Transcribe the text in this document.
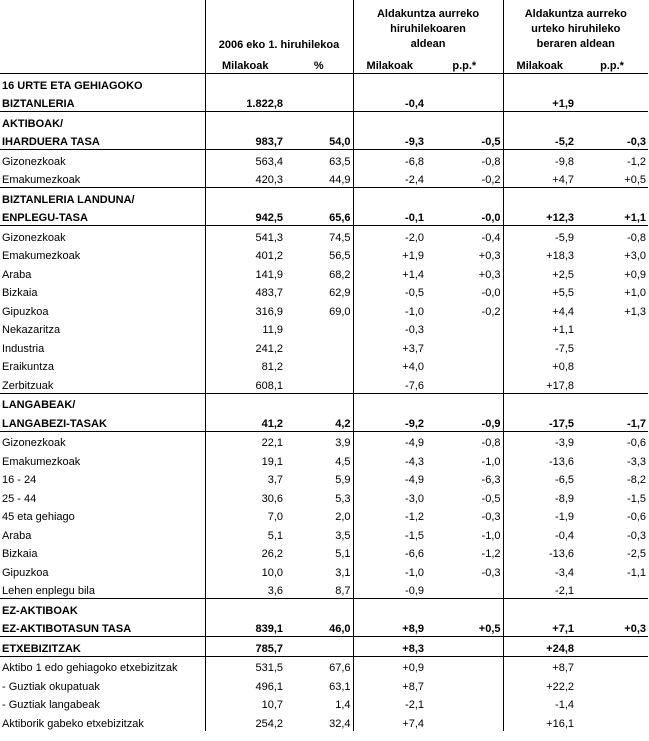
	2006 eko 1. hiruhilekoa		Aldakuntza aurreko hiruhilekoaren aldean		Aldakuntza aurreko urteko hiruhileko beraren aldean	
	Milakoak	%	Milakoak	p.p.*	Milakoak	p.p.*
16 URTE ETA GEHIAGOKO						
BIZTANLERIA	1.822,8		-0,4		+1,9	
AKTIBOAK/						
IHARDUERA TASA	983,7	54,0	-9,3	-0,5	-5,2	-0,3
Gizonezkoak	563,4	63,5	-6,8	-0,8	-9,8	-1,2
Emakumezkoak	420,3	44,9	-2,4	-0,2	+4,7	+0,5
BIZTANLERIA LANDUNA/						
ENPLEGU-TASA	942,5	65,6	-0,1	-0,0	+12,3	+1,1
Gizonezkoak	541,3	74,5	-2,0	-0,4	-5,9	-0,8
Emakumezkoak	401,2	56,5	+1,9	+0,3	+18,3	+3,0
Araba	141,9	68,2	+1,4	+0,3	+2,5	+0,9
Bizkaia	483,7	62,9	-0,5	-0,0	+5,5	+1,0
Gipuzkoa	316,9	69,0	-1,0	-0,2	+4,4	+1,3
Nekazaritza	11,9		-0,3		+1,1	
Industria	241,2		+3,7		-7,5	
Eraikuntza	81,2		+4,0		+0,8	
Zerbitzuak	608,1		-7,6		+17,8	
LANGABEAK/						
LANGABEZI-TASAK	41,2	4,2	-9,2	-0,9	-17,5	-1,7
Gizonezkoak	22,1	3,9	-4,9	-0,8	-3,9	-0,6
Emakumezkoak	19,1	4,5	-4,3	-1,0	-13,6	-3,3
16 - 24	3,7	5,9	-4,9	-6,3	-6,5	-8,2
25 - 44	30,6	5,3	-3,0	-0,5	-8,9	-1,5
45 eta gehiago	7,0	2,0	-1,2	-0,3	-1,9	-0,6
Araba	5,1	3,5	-1,5	-1,0	-0,4	-0,3
Bizkaia	26,2	5,1	-6,6	-1,2	-13,6	-2,5
Gipuzkoa	10,0	3,1	-1,0	-0,3	-3,4	-1,1
Lehen enplegu bila	3,6	8,7	-0,9		-2,1	
EZ-AKTIBOAK						
EZ-AKTIBOTASUN TASA	839,1	46,0	+8,9	+0,5	+7,1	+0,3
ETXEBIZITZAK	785,7		+8,3		+24,8	
Aktibo 1 edo gehiagoko etxebizitzak	531,5	67,6	+0,9		+8,7	
- Guztiak okupatuak	496,1	63,1	+8,7		+22,2	
- Guztiak langabeak	10,7	1,4	-2,1		-1,4	
Aktiborik gabeko etxebizitzak	254,2	32,4	+7,4		+16,1	
